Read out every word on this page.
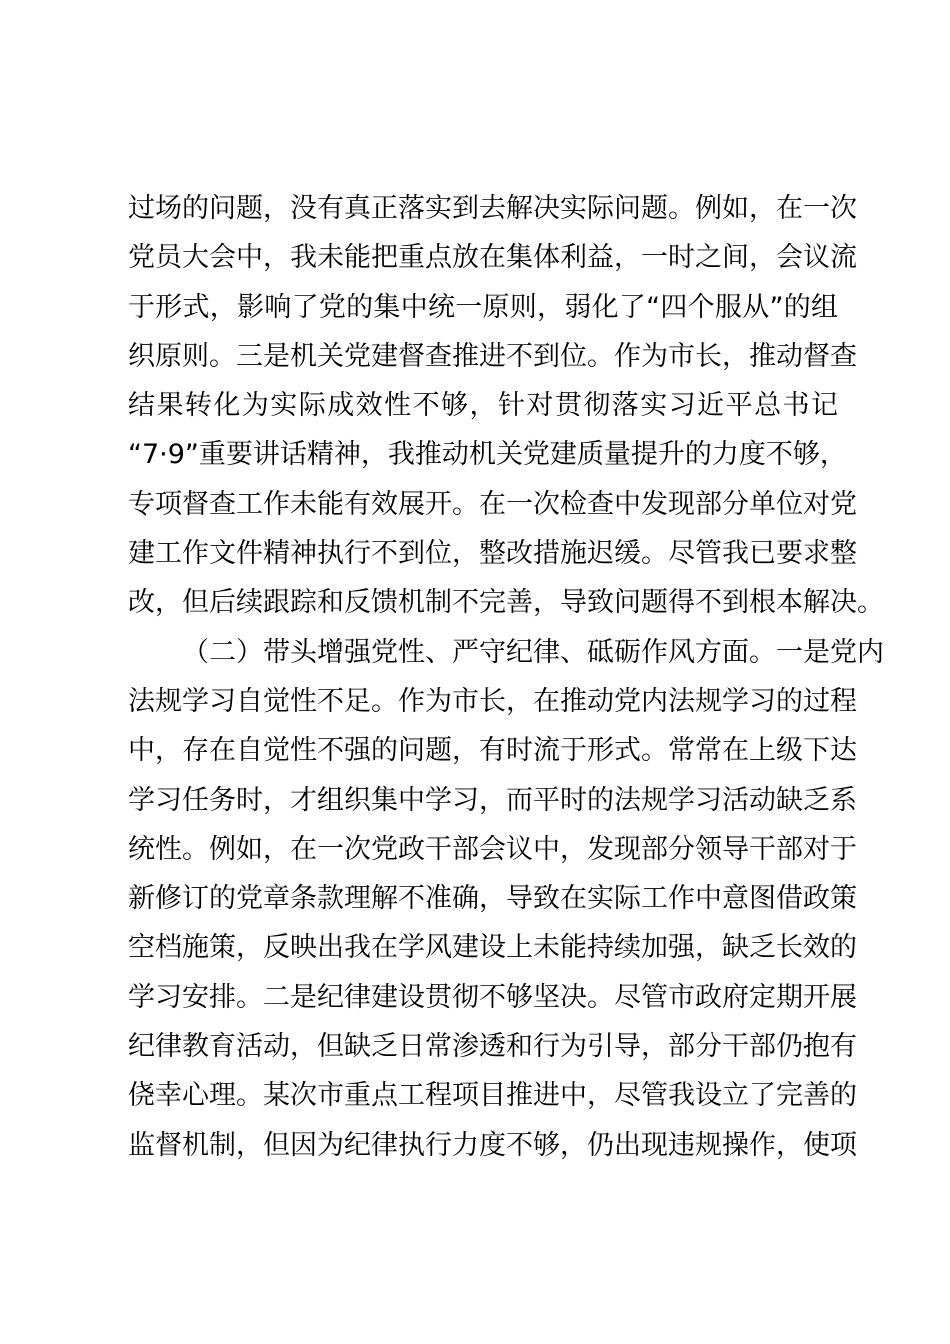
过场的问题，没有真正落实到去解决实际问题。例如，在一次
党员大会中，我未能把重点放在集体利益，一时之间，会议流
于形式，影响了党的集中统一原则，弱化了“四个服从”的组
织原则。三是机关党建督查推进不到位。作为市长，推动督查
结果转化为实际成效性不够，针对贯彻落实习近平总书记
“7·9”重要讲话精神，我推动机关党建质量提升的力度不够，
专项督查工作未能有效展开。在一次检查中发现部分单位对党
建工作文件精神执行不到位，整改措施迟缓。尽管我已要求整
改，但后续跟踪和反馈机制不完善，导致问题得不到根本解决。
（二）带头增强党性、严守纪律、砥砺作风方面。一是党内
法规学习自觉性不足。作为市长，在推动党内法规学习的过程
中，存在自觉性不强的问题，有时流于形式。常常在上级下达
学习任务时，才组织集中学习，而平时的法规学习活动缺乏系
统性。例如，在一次党政干部会议中，发现部分领导干部对于
新修订的党章条款理解不准确，导致在实际工作中意图借政策
空档施策，反映出我在学风建设上未能持续加强，缺乏长效的
学习安排。二是纪律建设贯彻不够坚决。尽管市政府定期开展
纪律教育活动，但缺乏日常渗透和行为引导，部分干部仍抱有
侥幸心理。某次市重点工程项目推进中，尽管我设立了完善的
监督机制，但因为纪律执行力度不够，仍出现违规操作，使项
